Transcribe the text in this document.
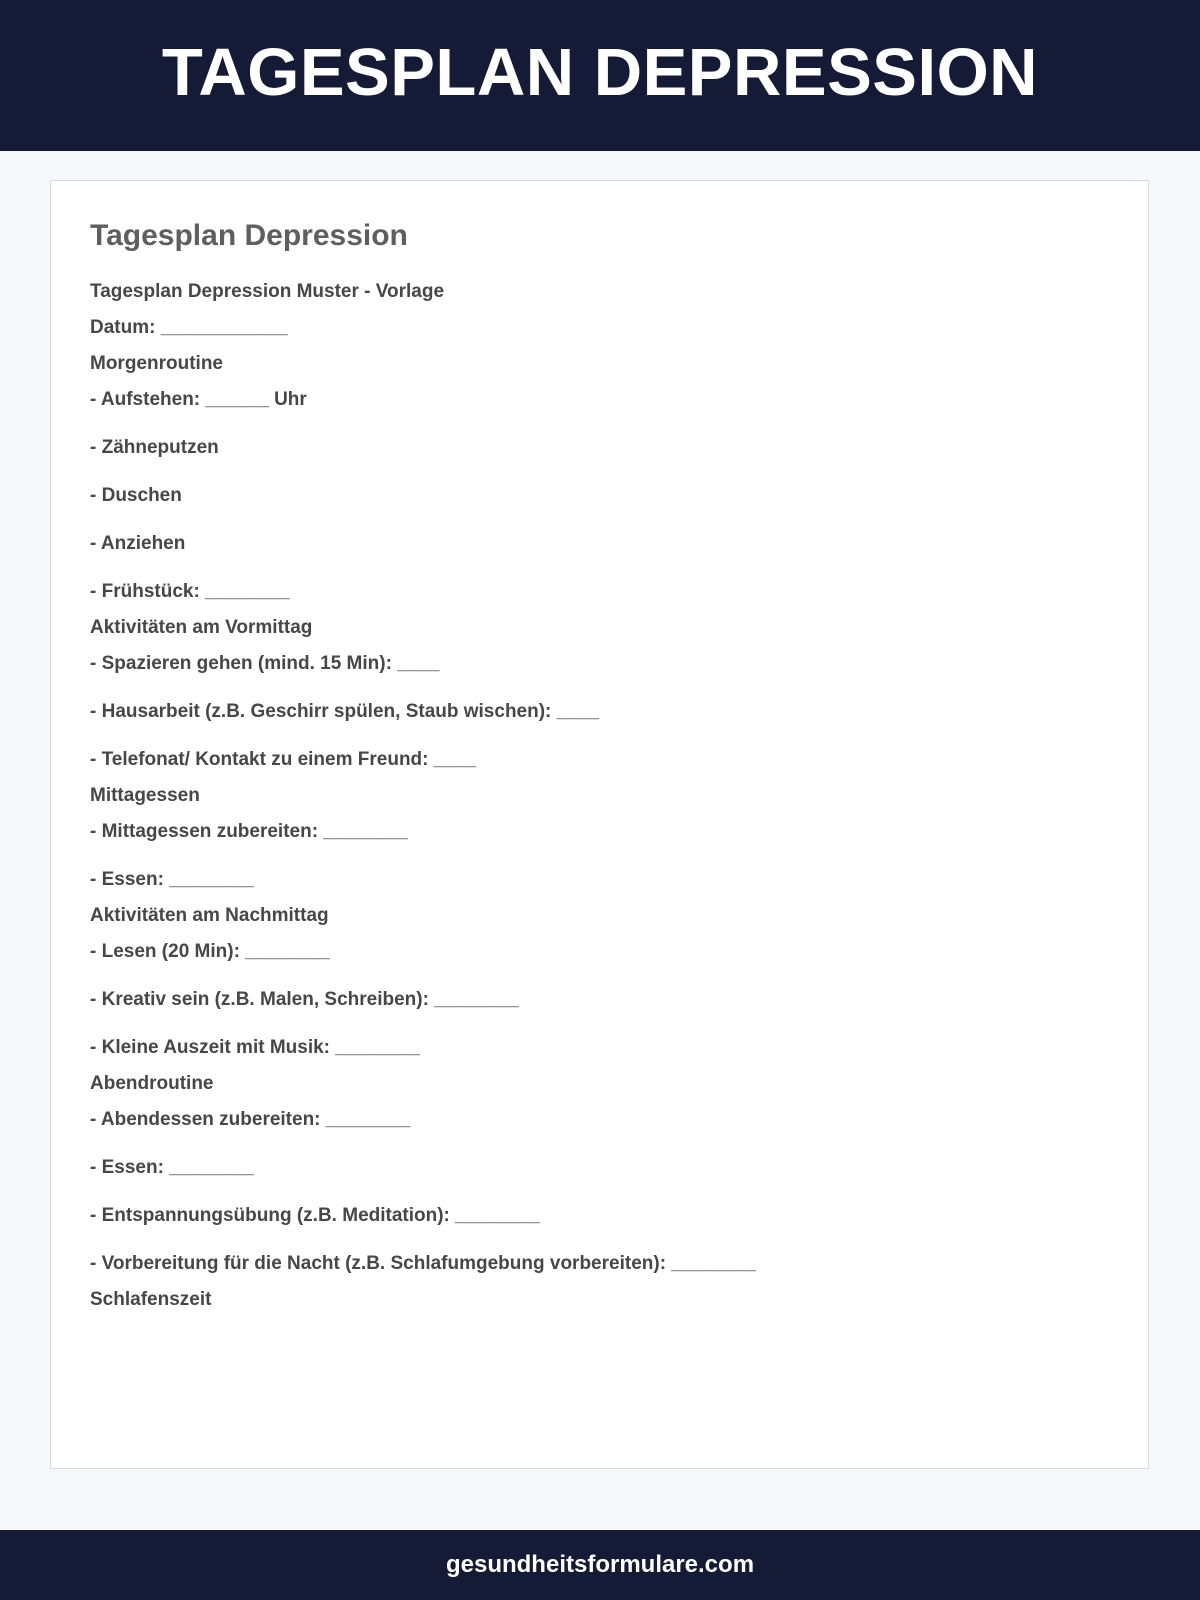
TAGESPLAN DEPRESSION
Tagesplan Depression
Tagesplan Depression Muster - Vorlage
Datum: ____________
Morgenroutine
- Aufstehen: ______ Uhr
- Zähneputzen
- Duschen
- Anziehen
- Frühstück: ________
Aktivitäten am Vormittag
- Spazieren gehen (mind. 15 Min): ____
- Hausarbeit (z.B. Geschirr spülen, Staub wischen): ____
- Telefonat/ Kontakt zu einem Freund: ____
Mittagessen
- Mittagessen zubereiten: ________
- Essen: ________
Aktivitäten am Nachmittag
- Lesen (20 Min): ________
- Kreativ sein (z.B. Malen, Schreiben): ________
- Kleine Auszeit mit Musik: ________
Abendroutine
- Abendessen zubereiten: ________
- Essen: ________
- Entspannungsübung (z.B. Meditation): ________
- Vorbereitung für die Nacht (z.B. Schlafumgebung vorbereiten): ________
Schlafenszeit
gesundheitsformulare.com
